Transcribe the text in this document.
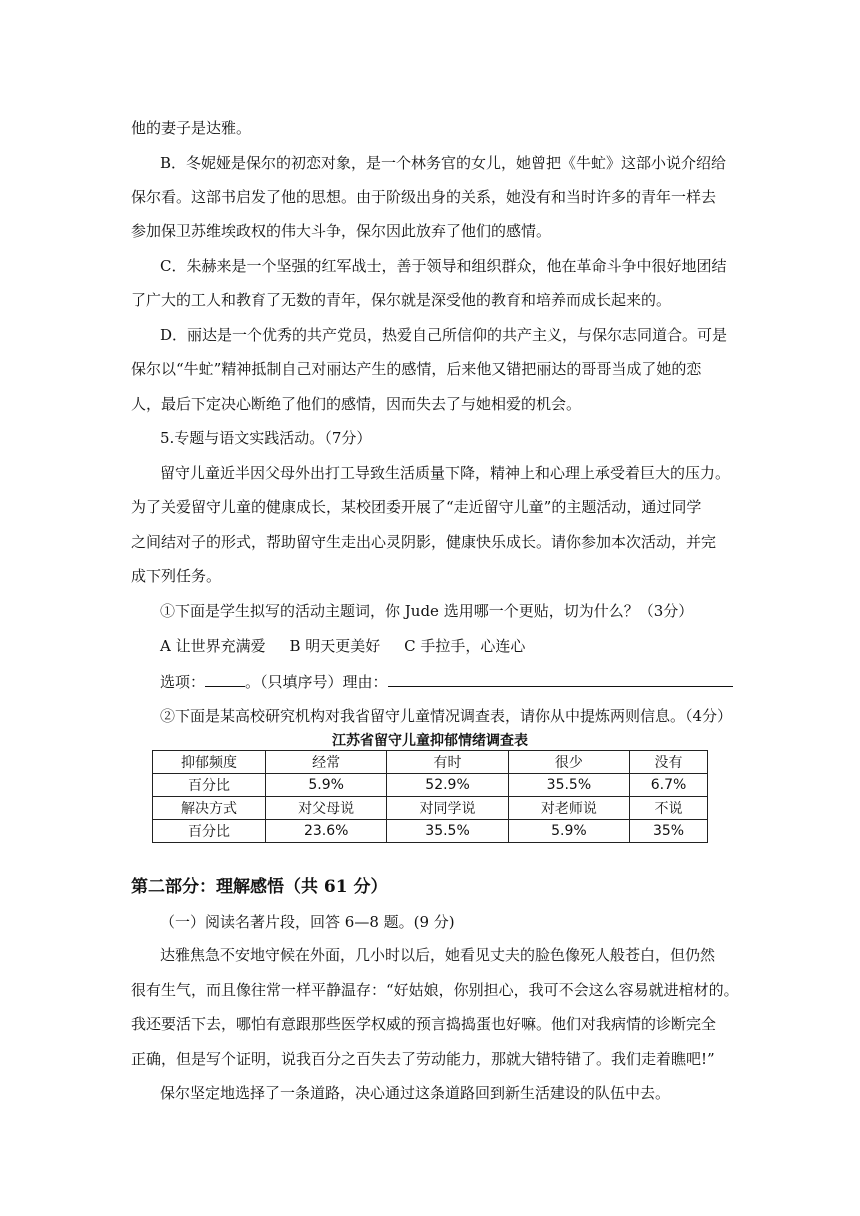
他的妻子是达雅。
B．冬妮娅是保尔的初恋对象，是一个林务官的女儿，她曾把《牛虻》这部小说介绍给
保尔看。这部书启发了他的思想。由于阶级出身的关系，她没有和当时许多的青年一样去
参加保卫苏维埃政权的伟大斗争，保尔因此放弃了他们的感情。
C．朱赫来是一个坚强的红军战士，善于领导和组织群众，他在革命斗争中很好地团结
了广大的工人和教育了无数的青年，保尔就是深受他的教育和培养而成长起来的。
D．丽达是一个优秀的共产党员，热爱自己所信仰的共产主义，与保尔志同道合。可是
保尔以“牛虻”精神抵制自己对丽达产生的感情，后来他又错把丽达的哥哥当成了她的恋
人，最后下定决心断绝了他们的感情，因而失去了与她相爱的机会。
5.专题与语文实践活动。（7分）
留守儿童近半因父母外出打工导致生活质量下降，精神上和心理上承受着巨大的压力。
为了关爱留守儿童的健康成长，某校团委开展了“走近留守儿童”的主题活动，通过同学
之间结对子的形式，帮助留守生走出心灵阴影，健康快乐成长。请你参加本次活动，并完
成下列任务。
①下面是学生拟写的活动主题词，你 Jude 选用哪一个更贴，切为什么？（3分）
A 让世界充满爱     B 明天更美好     C 手拉手，心连心
选项：	。（只填序号）理由：
②下面是某高校研究机构对我省留守儿童情况调查表，请你从中提炼两则信息。（4分）
江苏省留守儿童抑郁情绪调查表
抑郁频度	经常	有时	很少	没有
百分比	5.9%	52.9%	35.5%	6.7%
解决方式	对父母说	对同学说	对老师说	不说
百分比	23.6%	35.5%	5.9%	35%
第二部分：理解感悟（共 61 分）
（一）阅读名著片段，回答 6—8 题。(9 分)
达雅焦急不安地守候在外面，几小时以后，她看见丈夫的脸色像死人般苍白，但仍然
很有生气，而且像往常一样平静温存：“好姑娘，你别担心，我可不会这么容易就进棺材的。
我还要活下去，哪怕有意跟那些医学权威的预言捣捣蛋也好嘛。他们对我病情的诊断完全
正确，但是写个证明，说我百分之百失去了劳动能力，那就大错特错了。我们走着瞧吧!”
保尔坚定地选择了一条道路，决心通过这条道路回到新生活建设的队伍中去。
